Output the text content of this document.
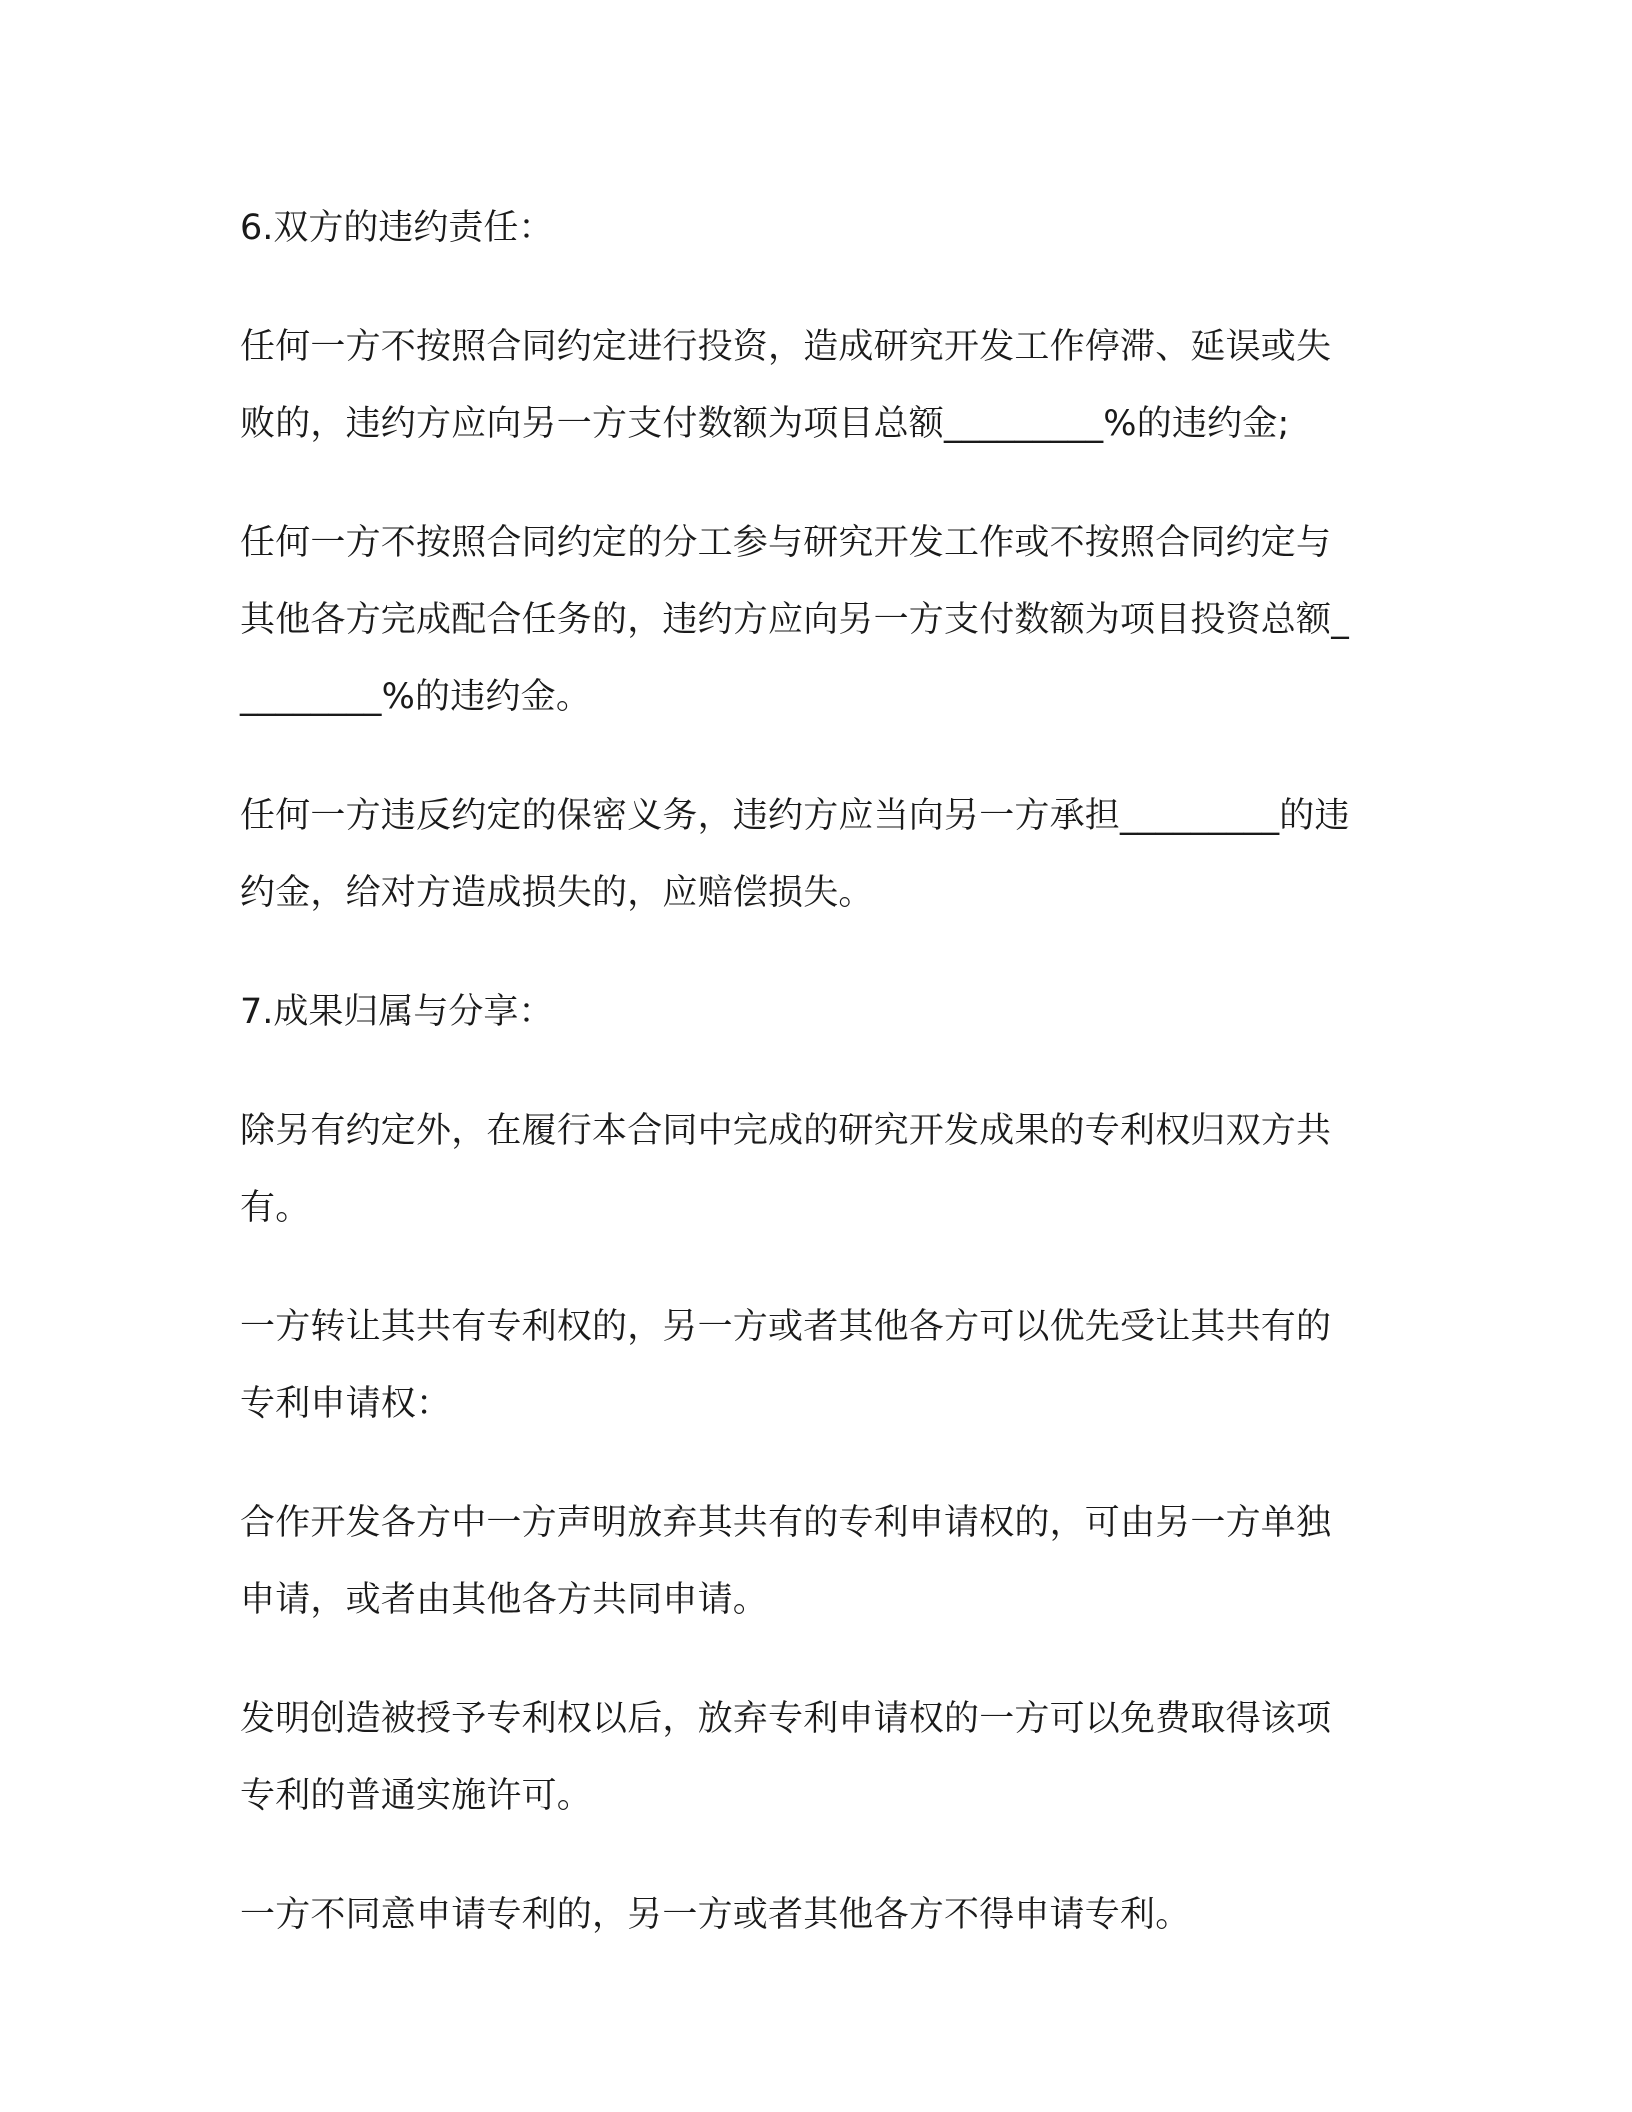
6.双方的违约责任：

任何一方不按照合同约定进行投资，造成研究开发工作停滞、延误或失败的，违约方应向另一方支付数额为项目总额_________%的违约金;

任何一方不按照合同约定的分工参与研究开发工作或不按照合同约定与其他各方完成配合任务的，违约方应向另一方支付数额为项目投资总额_________%的违约金。

任何一方违反约定的保密义务，违约方应当向另一方承担_________的违约金，给对方造成损失的，应赔偿损失。

7.成果归属与分享：

除另有约定外，在履行本合同中完成的研究开发成果的专利权归双方共有。

一方转让其共有专利权的，另一方或者其他各方可以优先受让其共有的专利申请权：

合作开发各方中一方声明放弃其共有的专利申请权的，可由另一方单独申请，或者由其他各方共同申请。

发明创造被授予专利权以后，放弃专利申请权的一方可以免费取得该项专利的普通实施许可。

一方不同意申请专利的，另一方或者其他各方不得申请专利。
